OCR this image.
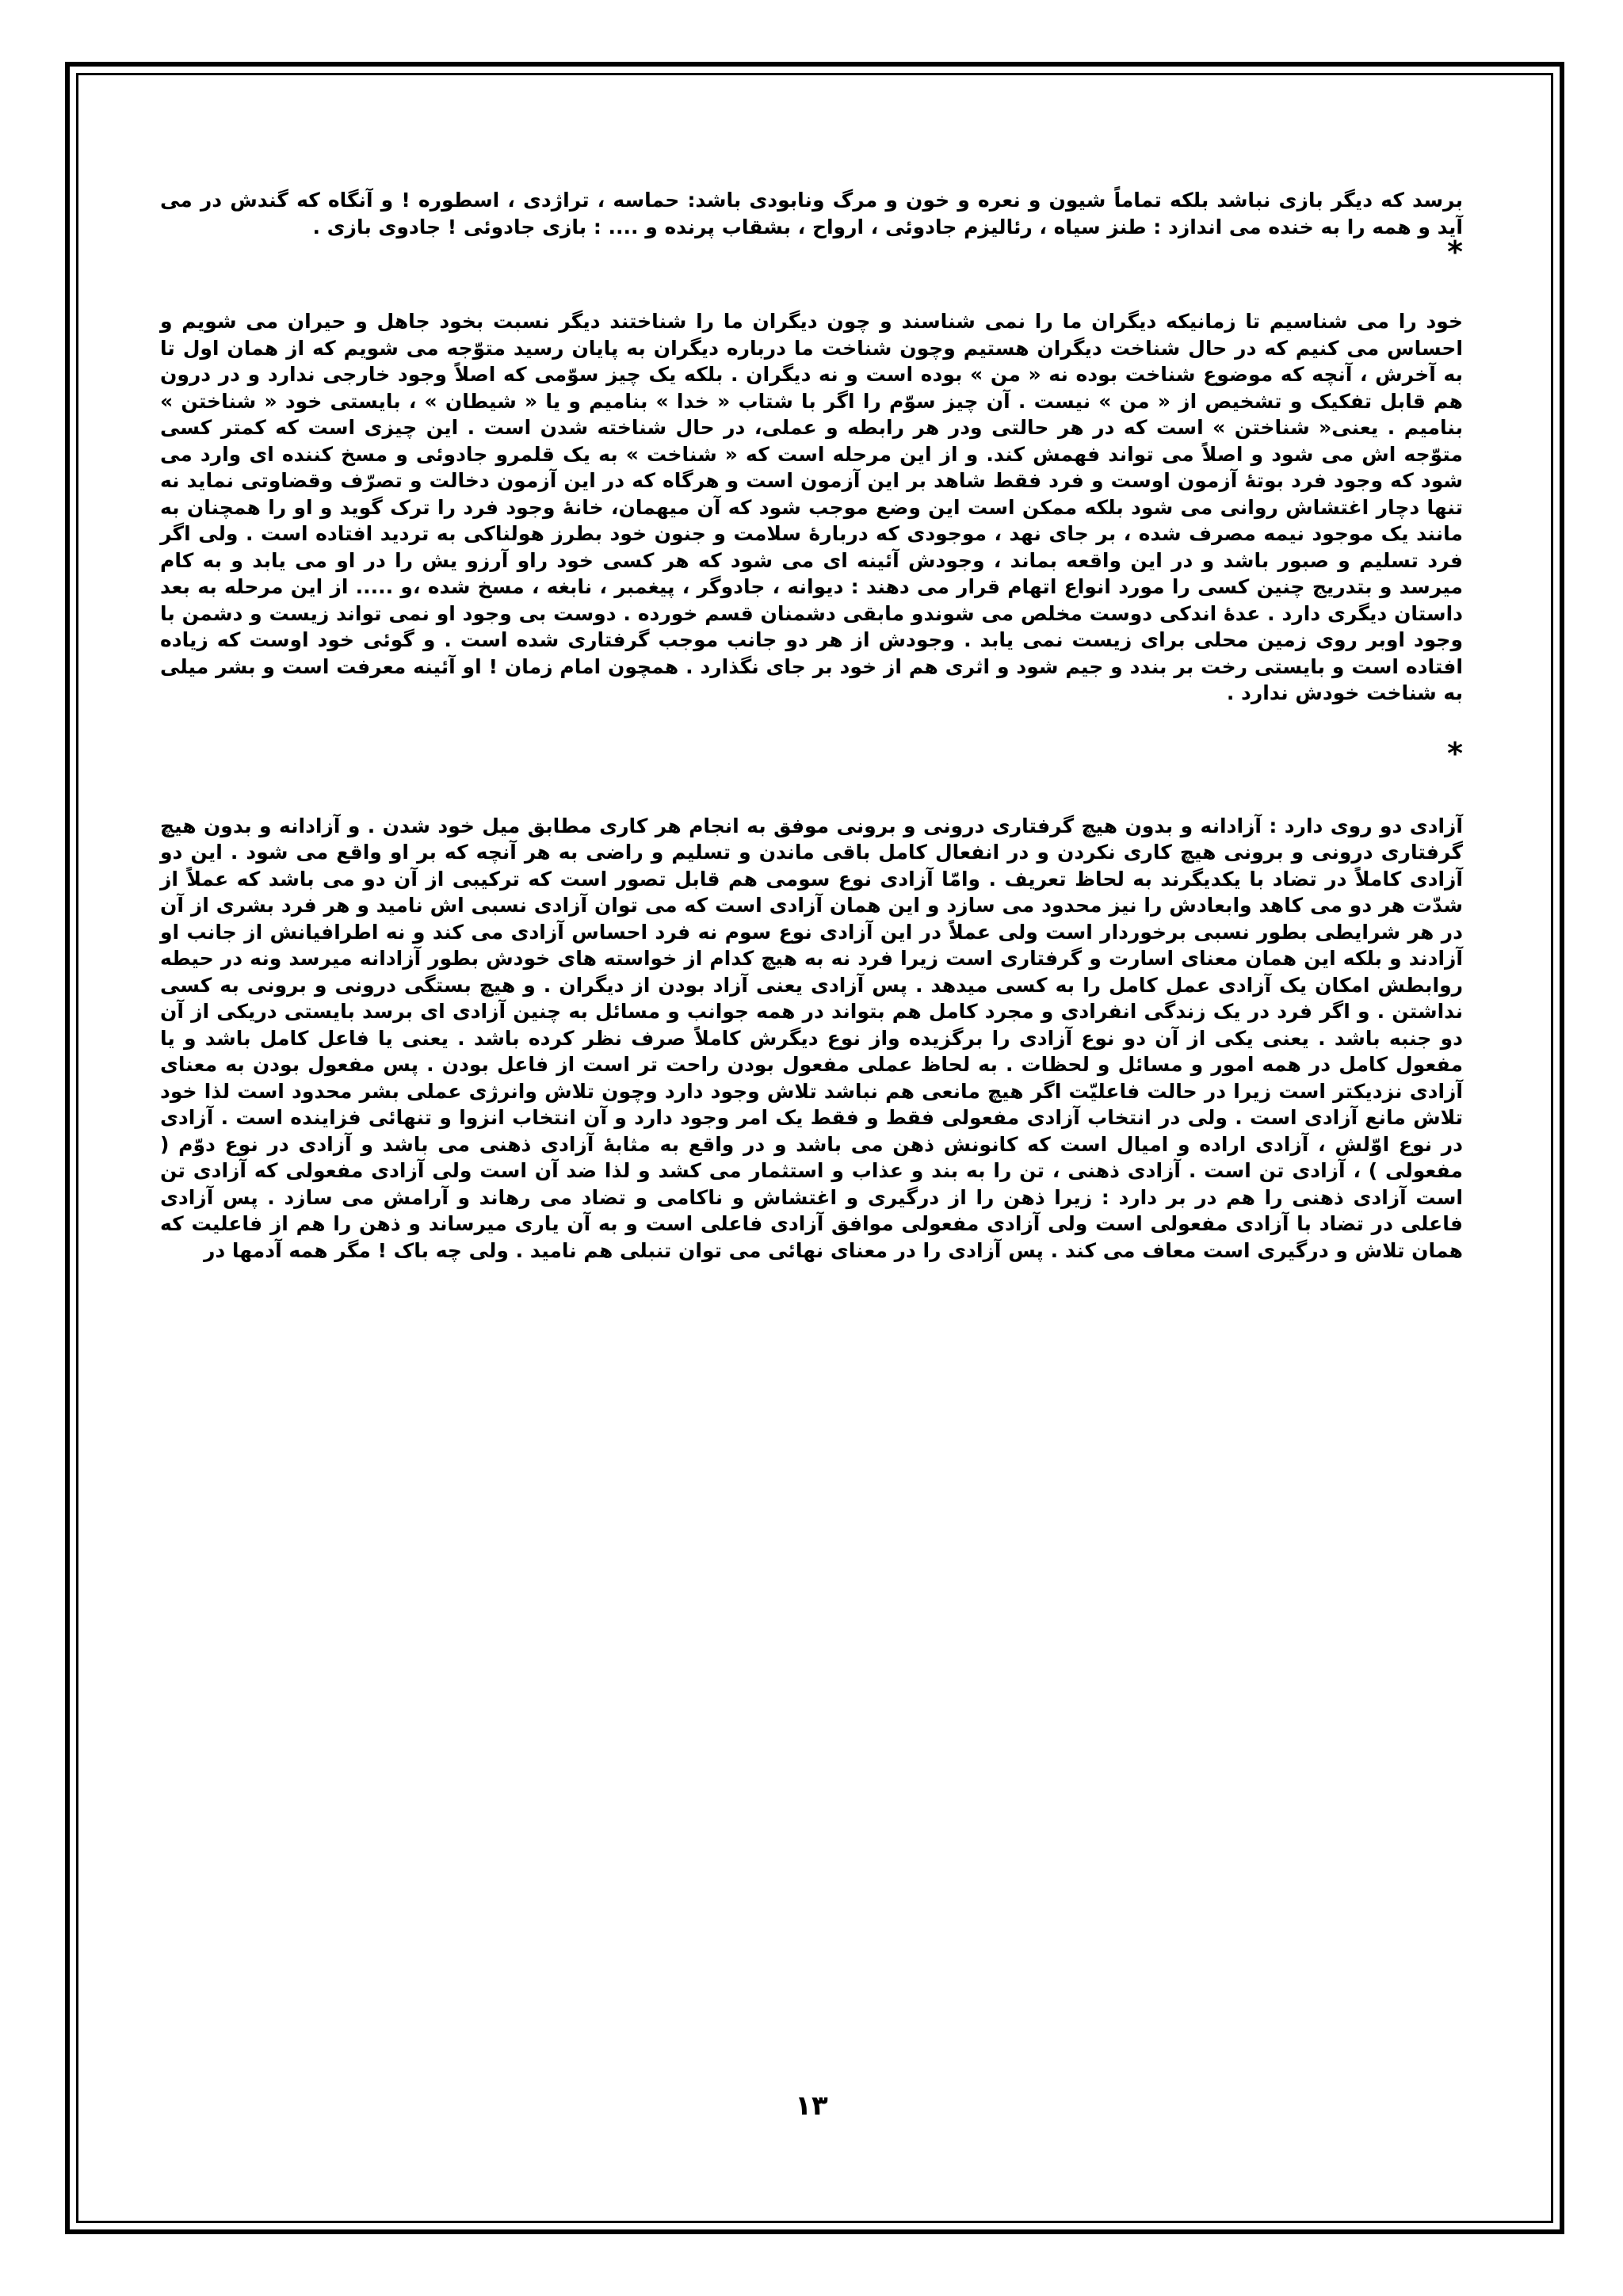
برسد که دیگر بازی نباشد بلکه تماماً شیون و نعره و خون و مرگ ونابودی باشد: حماسه ، تراژدی ، اسطوره ! و آنگاه که گندش در می آید و همه را به خنده می اندازد : طنز سیاه ، رئالیزم جادوئی ، ارواح ، بشقاب پرنده و .... : بازی جادوئی ! جادوی بازی .

*

خود را می شناسیم تا زمانیکه دیگران ما را نمی شناسند و چون دیگران ما را شناختند دیگر نسبت بخود جاهل و حیران می شویم و احساس می کنیم که در حال شناخت دیگران هستیم وچون شناخت ما درباره دیگران به پایان رسید متوّجه می شویم که از همان اول تا به آخرش ، آنچه که موضوع شناخت بوده نه « من » بوده است و نه دیگران . بلکه یک چیز سوّمی که اصلاً وجود خارجی ندارد و در درون هم قابل تفکیک و تشخیص از « من » نیست . آن چیز سوّم را اگر با شتاب « خدا » بنامیم و یا « شیطان » ، بایستی خود « شناختن » بنامیم . یعنی« شناختن » است که در هر حالتی ودر هر رابطه و عملی، در حال شناخته شدن است . این چیزی است که کمتر کسی متوّجه اش می شود و اصلاً می تواند فهمش کند. و از این مرحله است که « شناخت » به یک قلمرو جادوئی و مسخ کننده ای وارد می شود که وجود فرد بوتۀ آزمون اوست و فرد فقط شاهد بر این آزمون است و هرگاه که در این آزمون دخالت و تصرّف وقضاوتی نماید نه تنها دچار اغتشاش روانی می شود بلکه ممکن است این وضع موجب شود که آن میهمان، خانۀ وجود فرد را ترک گوید و او را همچنان به مانند یک موجود نیمه مصرف شده ، بر جای نهد ، موجودی که دربارۀ سلامت و جنون خود بطرز هولناکی به تردید افتاده است . ولی اگر فرد تسلیم و صبور باشد و در این واقعه بماند ، وجودش آئینه ای می شود که هر کسی خود راو آرزو یش را در او می یابد و به کام میرسد و بتدریج چنین کسی را مورد انواع اتهام قرار می دهند : دیوانه ، جادوگر ، پیغمبر ، نابغه ، مسخ شده ،و ..... از این مرحله به بعد داستان دیگری دارد . عدۀ اندکی دوست مخلص می شوندو مابقی دشمنان قسم خورده . دوست بی وجود او نمی تواند زیست و دشمن با وجود اوبر روی زمین محلی برای زیست نمی یابد . وجودش از هر دو جانب موجب گرفتاری شده است . و گوئی خود اوست که زیاده افتاده است و بایستی رخت بر بندد و جیم شود و اثری هم از خود بر جای نگذارد . همچون امام زمان ! او آئینه معرفت است و بشر میلی به شناخت خودش ندارد .

*

آزادی دو روی دارد : آزادانه و بدون هیچ گرفتاری درونی و برونی موفق به انجام هر کاری مطابق میل خود شدن . و آزادانه و بدون هیچ گرفتاری درونی و برونی هیچ کاری نکردن و در انفعال کامل باقی ماندن و تسلیم و راضی به هر آنچه که بر او واقع می شود . این دو آزادی کاملاً در تضاد با یکدیگرند به لحاظ تعریف . وامّا آزادی نوع سومی هم قابل تصور است که ترکیبی از آن دو می باشد که عملاً از شدّت هر دو می کاهد وابعادش را نیز محدود می سازد و این همان آزادی است که می توان آزادی نسبی اش نامید و هر فرد بشری از آن در هر شرایطی بطور نسبی برخوردار است ولی عملاً در این آزادی نوع سوم نه فرد احساس آزادی می کند و نه اطرافیانش از جانب او آزادند و بلکه این همان معنای اسارت و گرفتاری است زیرا فرد نه به هیچ کدام از خواسته های خودش بطور آزادانه میرسد ونه در حیطه روابطش امکان یک آزادی عمل کامل را به کسی میدهد . پس آزادی یعنی آزاد بودن از دیگران . و هیچ بستگی درونی و برونی به کسی نداشتن . و اگر فرد در یک زندگی انفرادی و مجرد کامل هم بتواند در همه جوانب و مسائل به چنین آزادی ای برسد بایستی دریکی از آن دو جنبه باشد . یعنی یکی از آن دو نوع آزادی را برگزیده واز نوع دیگرش کاملاً صرف نظر کرده باشد . یعنی یا فاعل کامل باشد و یا مفعول کامل در همه امور و مسائل و لحظات . به لحاظ عملی مفعول بودن راحت تر است از فاعل بودن . پس مفعول بودن به معنای آزادی نزدیکتر است زیرا در حالت فاعلیّت اگر هیچ مانعی هم نباشد تلاش وجود دارد وچون تلاش وانرژی عملی بشر محدود است لذا خود تلاش مانع آزادی است . ولی در انتخاب آزادی مفعولی فقط و فقط یک امر وجود دارد و آن انتخاب انزوا و تنهائی فزاینده است . آزادی در نوع اوّلش ، آزادی اراده و امیال است که کانونش ذهن می باشد و در واقع به مثابۀ آزادی ذهنی می باشد و آزادی در نوع دوّم ( مفعولی ) ، آزادی تن است . آزادی ذهنی ، تن را به بند و عذاب و استثمار می کشد و لذا ضد آن است ولی آزادی مفعولی که آزادی تن است آزادی ذهنی را هم در بر دارد : زیرا ذهن را از درگیری و اغتشاش و ناکامی و تضاد می رهاند و آرامش می سازد . پس آزادی فاعلی در تضاد با آزادی مفعولی است ولی آزادی مفعولی موافق آزادی فاعلی است و به آن یاری میرساند و ذهن را هم از فاعلیت که همان تلاش و درگیری است معاف می کند . پس آزادی را در معنای نهائی می توان تنبلی هم نامید . ولی چه باک ! مگر همه آدمها در

١٣
